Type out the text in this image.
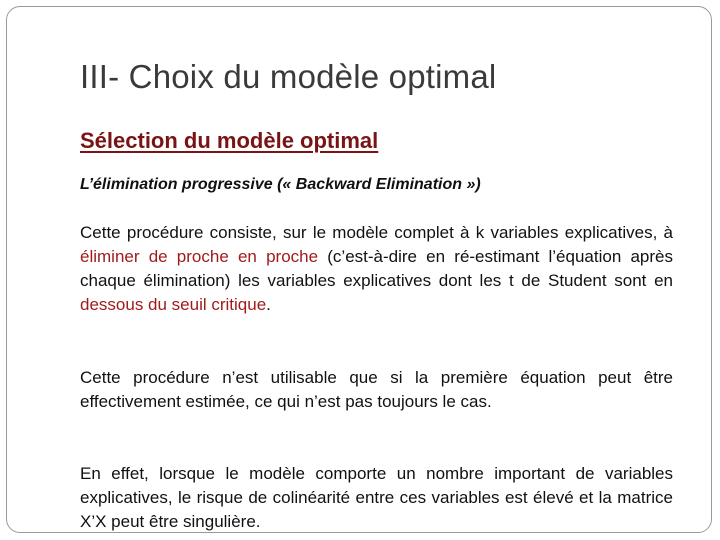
III- Choix du modèle optimal
Sélection du modèle optimal
L’élimination progressive (« Backward Elimination »)

Cette procédure consiste, sur le modèle complet à k variables explicatives, à éliminer de proche en proche (c’est-à-dire en ré-estimant l’équation après chaque élimination) les variables explicatives dont les t de Student sont en dessous du seuil critique.

Cette procédure n’est utilisable que si la première équation peut être effectivement estimée, ce qui n’est pas toujours le cas.

En effet, lorsque le modèle comporte un nombre important de variables explicatives, le risque de colinéarité entre ces variables est élevé et la matrice X’X peut être singulière.
